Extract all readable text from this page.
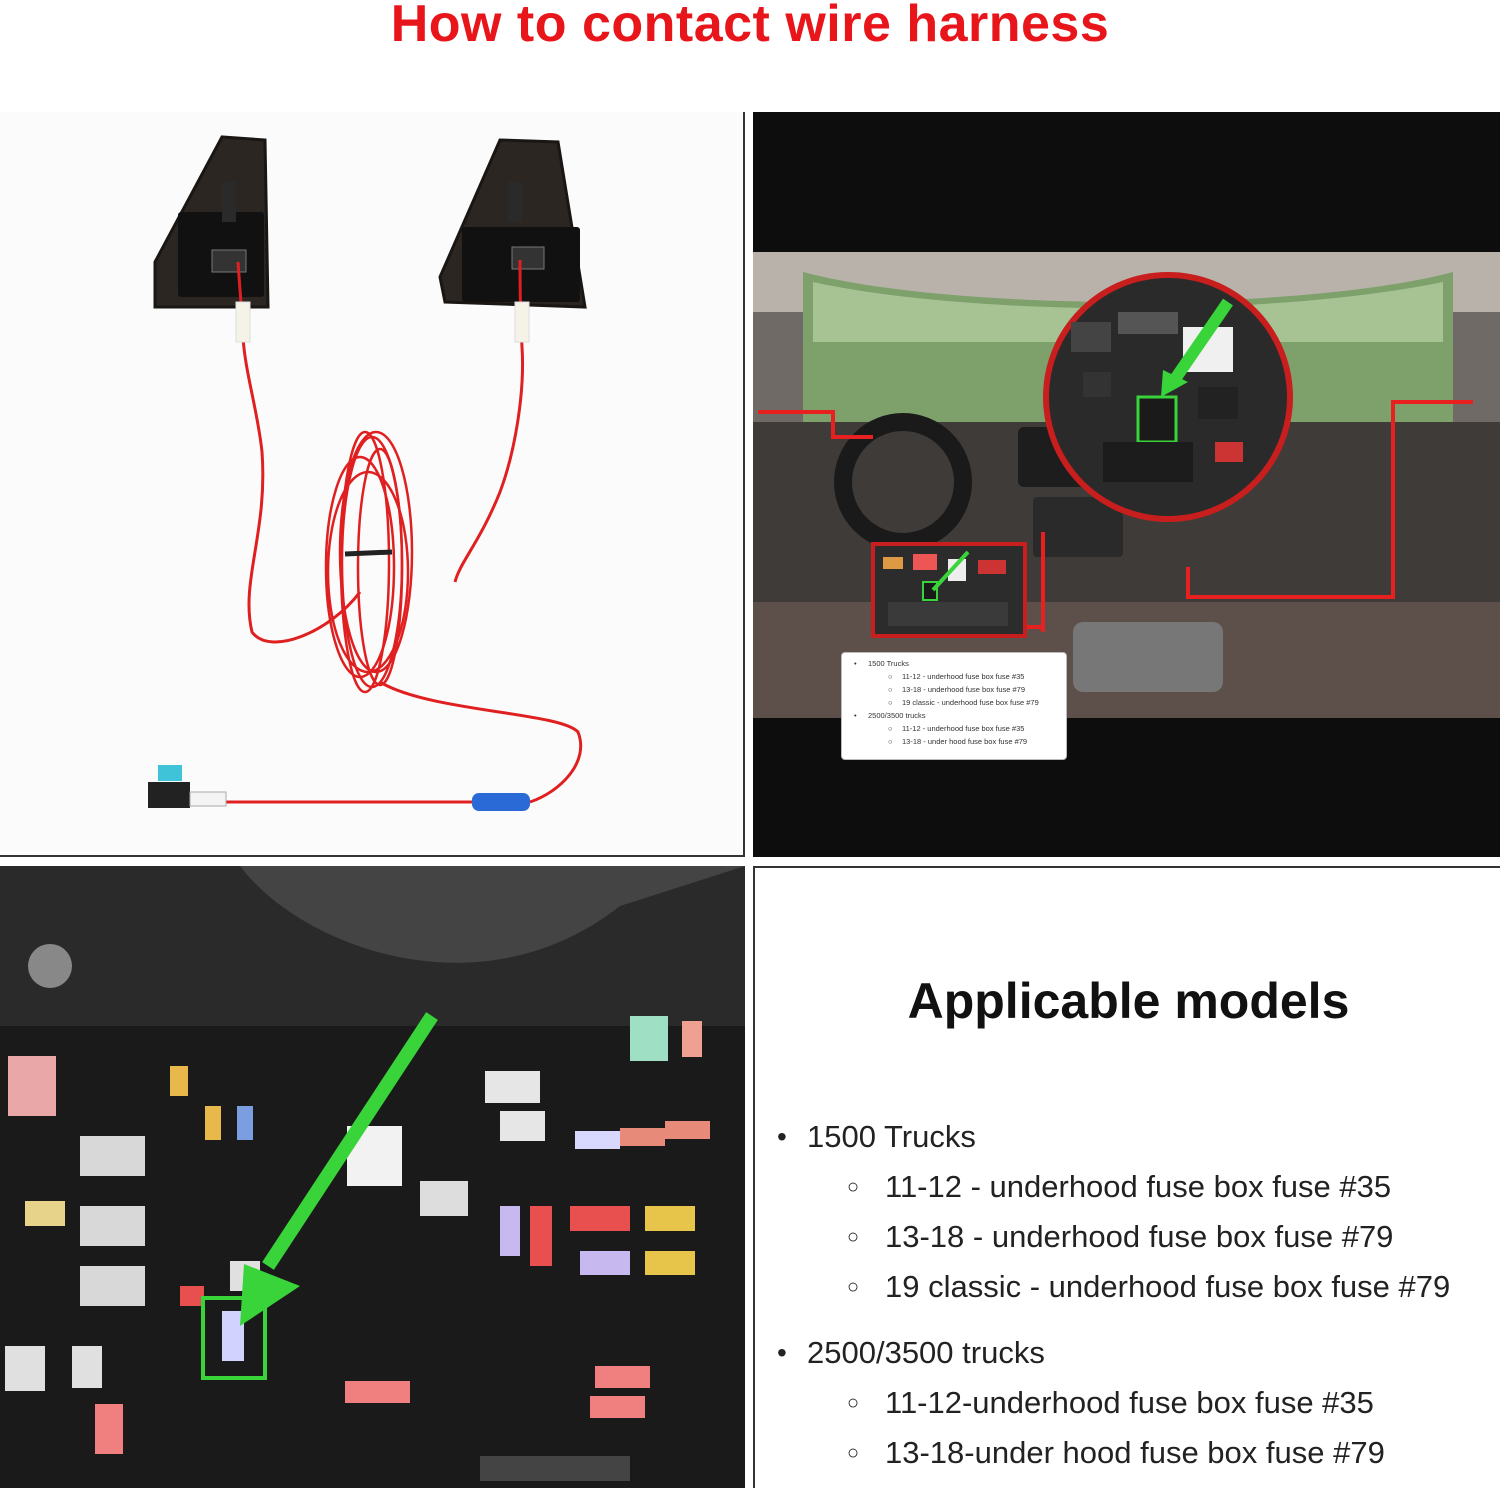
How to contact wire harness
• 1500 Trucks
○ 11-12 - underhood fuse box fuse #35
○ 13-18 - underhood fuse box fuse #79
○ 19 classic - underhood fuse box fuse #79
• 2500/3500 trucks
○ 11-12 - underhood fuse box fuse #35
○ 13-18 - under hood fuse box fuse #79
Applicable models
• 1500 Trucks
○ 11-12 - underhood fuse box fuse #35
○ 13-18 - underhood fuse box fuse #79
○ 19 classic - underhood fuse box fuse #79
• 2500/3500 trucks
○ 11-12-underhood fuse box fuse #35
○ 13-18-under hood fuse box fuse #79
